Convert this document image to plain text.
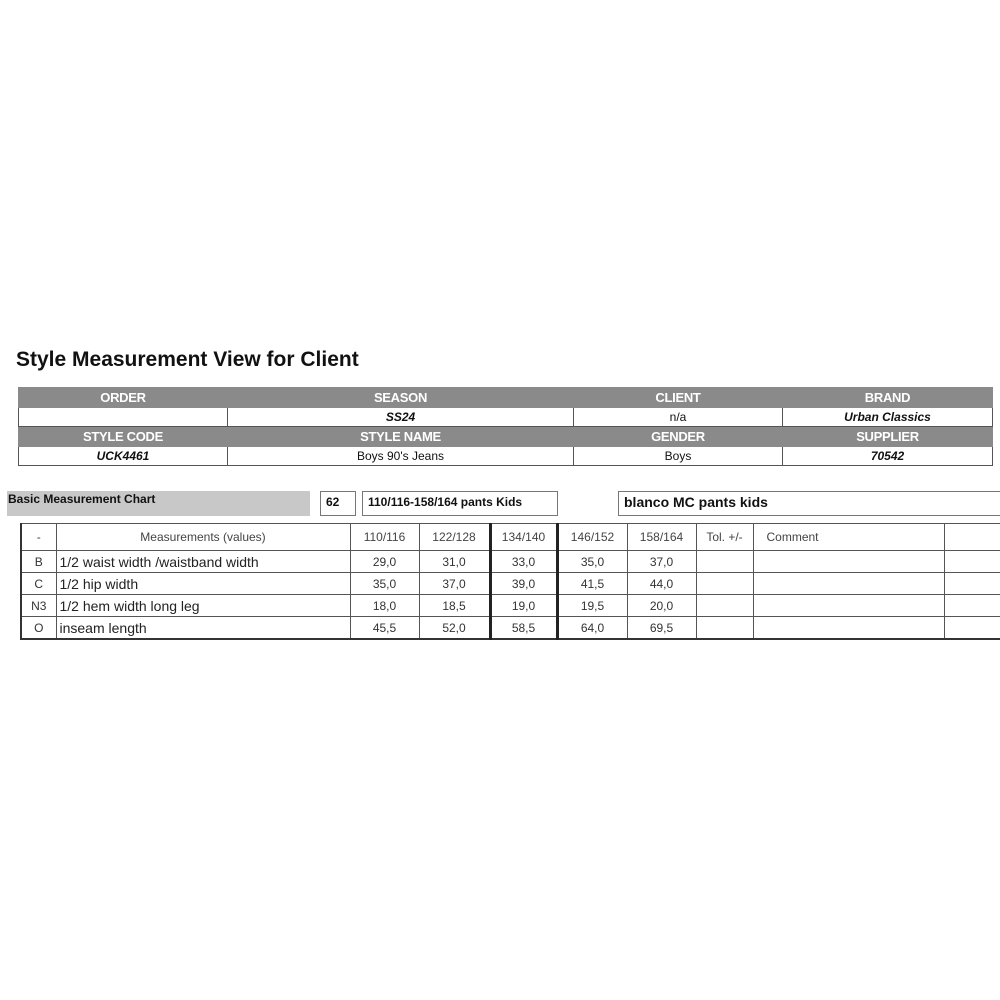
Style Measurement View for Client
ORDER	SEASON	CLIENT	BRAND
	SS24	n/a	Urban Classics
STYLE CODE	STYLE NAME	GENDER	SUPPLIER
UCK4461	Boys 90's Jeans	Boys	70542
Basic Measurement Chart	62	110/116-158/164 pants Kids	blanco MC pants kids
-	Measurements (values)	110/116	122/128	134/140	146/152	158/164	Tol. +/-	Comment	
B	1/2 waist width /waistband width	29,0	31,0	33,0	35,0	37,0			
C	1/2 hip width	35,0	37,0	39,0	41,5	44,0			
N3	1/2 hem width long leg	18,0	18,5	19,0	19,5	20,0			
O	inseam length	45,5	52,0	58,5	64,0	69,5			
